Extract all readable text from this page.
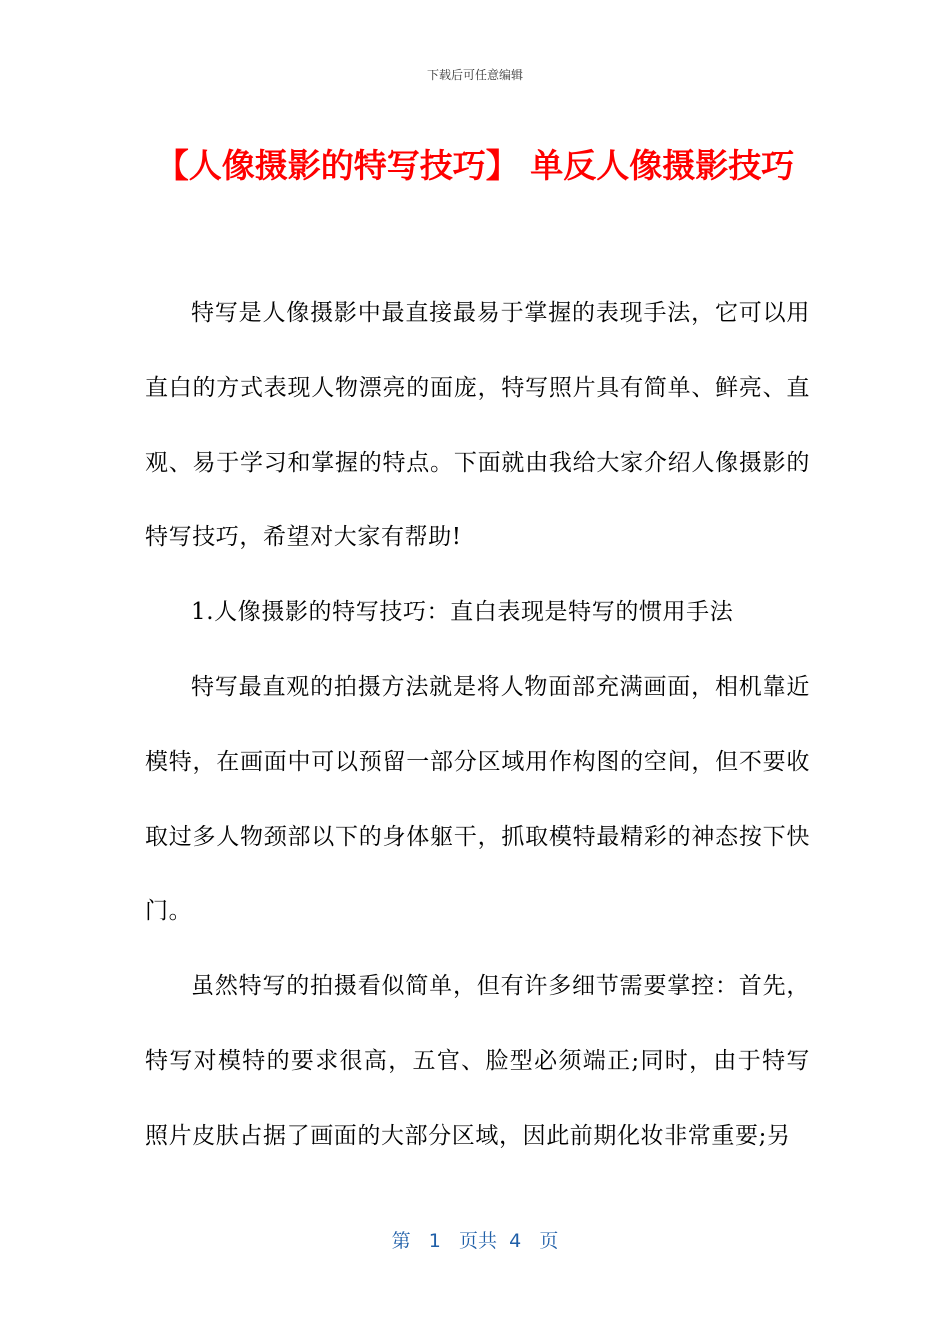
下载后可任意编辑
【人像摄影的特写技巧】 单反人像摄影技巧

特写是人像摄影中最直接最易于掌握的表现手法，它可以用直白的方式表现人物漂亮的面庞，特写照片具有简单、鲜亮、直观、易于学习和掌握的特点。下面就由我给大家介绍人像摄影的特写技巧，希望对大家有帮助!

1.人像摄影的特写技巧：直白表现是特写的惯用手法

特写最直观的拍摄方法就是将人物面部充满画面，相机靠近模特，在画面中可以预留一部分区域用作构图的空间，但不要收取过多人物颈部以下的身体躯干，抓取模特最精彩的神态按下快门。

虽然特写的拍摄看似简单，但有许多细节需要掌控：首先，特写对模特的要求很高，五官、脸型必须端正;同时，由于特写照片皮肤占据了画面的大部分区域，因此前期化妆非常重要;另

第 1 页共 4 页
